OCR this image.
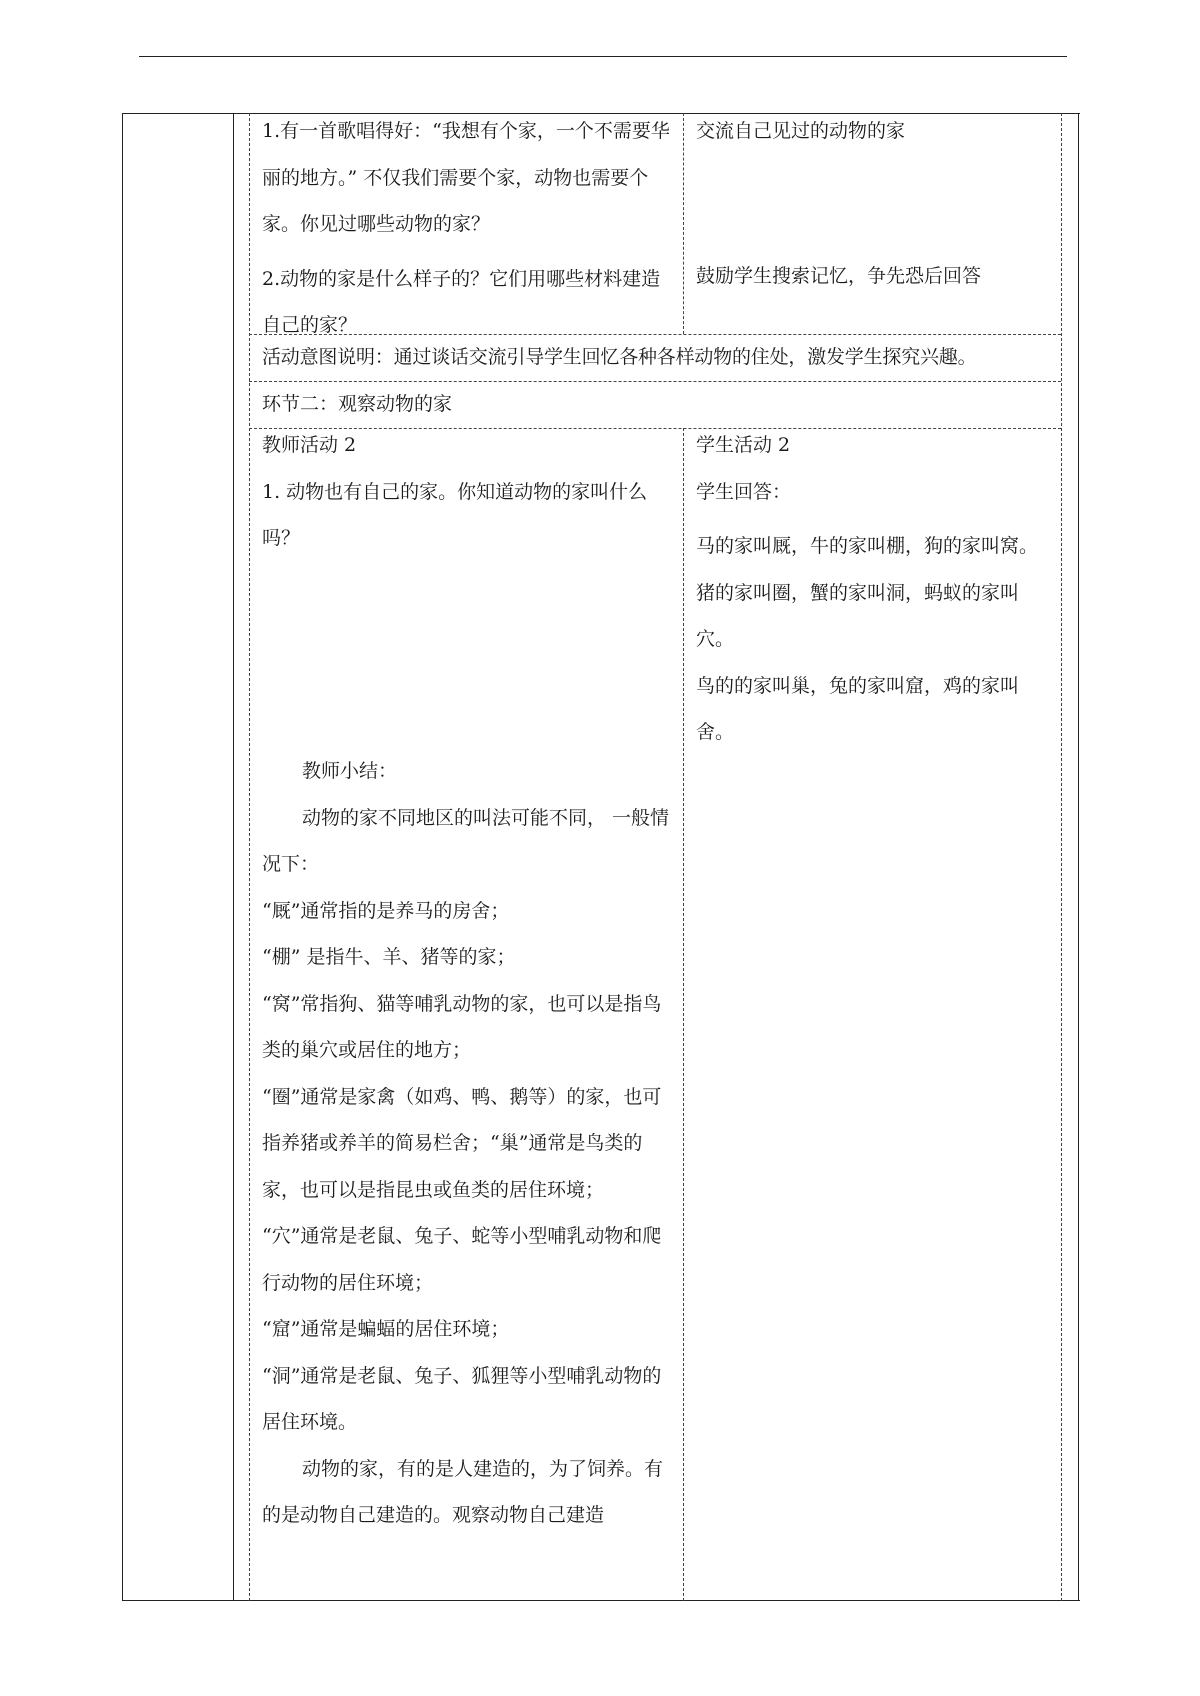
1.有一首歌唱得好：“我想有个家，一个不需要华丽的地方。” 不仅我们需要个家，动物也需要个家。你见过哪些动物的家？

2.动物的家是什么样子的？它们用哪些材料建造自己的家？

交流自己见过的动物的家

鼓励学生搜索记忆，争先恐后回答

活动意图说明：通过谈话交流引导学生回忆各种各样动物的住处，激发学生探究兴趣。
环节二：观察动物的家

教师活动 2

1. 动物也有自己的家。你知道动物的家叫什么吗？

教师小结：

动物的家不同地区的叫法可能不同， 一般情况下：

“厩”通常指的是养马的房舍；

“棚” 是指牛、羊、猪等的家；

“窝”常指狗、猫等哺乳动物的家，也可以是指鸟类的巢穴或居住的地方；

“圈”通常是家禽（如鸡、鸭、鹅等）的家，也可指养猪或养羊的简易栏舍；“巢”通常是鸟类的家，也可以是指昆虫或鱼类的居住环境；

“穴”通常是老鼠、兔子、蛇等小型哺乳动物和爬行动物的居住环境；

“窟”通常是蝙蝠的居住环境；

“洞”通常是老鼠、兔子、狐狸等小型哺乳动物的居住环境。

动物的家，有的是人建造的，为了饲养。有的是动物自己建造的。观察动物自己建造

学生活动 2

学生回答：

马的家叫厩，牛的家叫棚，狗的家叫窝。

猪的家叫圈，蟹的家叫洞，蚂蚁的家叫穴。

鸟的的家叫巢，兔的家叫窟，鸡的家叫舍。
